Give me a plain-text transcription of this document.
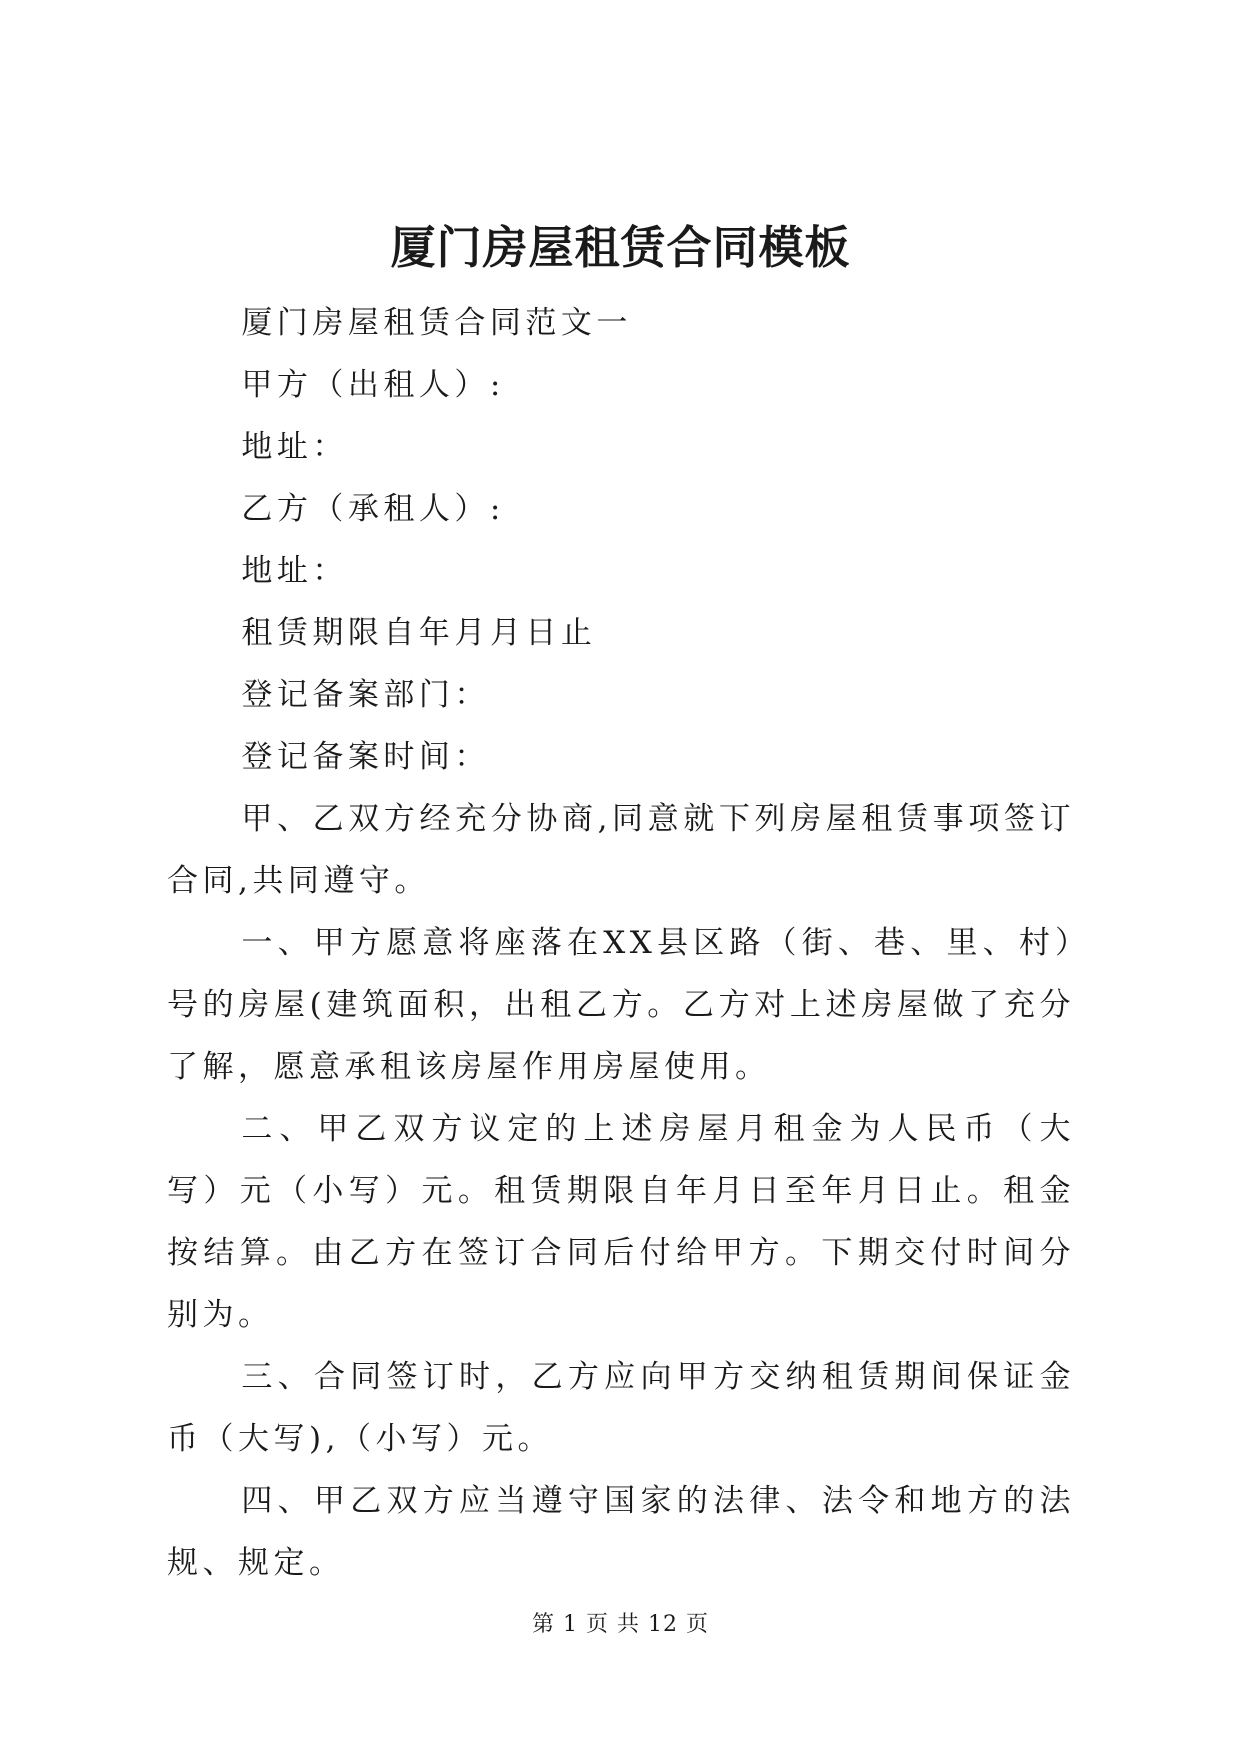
厦门房屋租赁合同模板

厦门房屋租赁合同范文一

甲方（出租人）:

地址：

乙方（承租人）:

地址：

租赁期限自年月月日止

登记备案部门：

登记备案时间：

甲、乙双方经充分协商,同意就下列房屋租赁事项签订合同,共同遵守。

一、甲方愿意将座落在XX县区路（街、巷、里、村）号的房屋(建筑面积，出租乙方。乙方对上述房屋做了充分了解，愿意承租该房屋作用房屋使用。

二、甲乙双方议定的上述房屋月租金为人民币（大写）元（小写）元。租赁期限自年月日至年月日止。租金按结算。由乙方在签订合同后付给甲方。下期交付时间分别为。

三、合同签订时，乙方应向甲方交纳租赁期间保证金币（大写),（小写）元。

四、甲乙双方应当遵守国家的法律、法令和地方的法规、规定。

第 1 页 共 12 页
